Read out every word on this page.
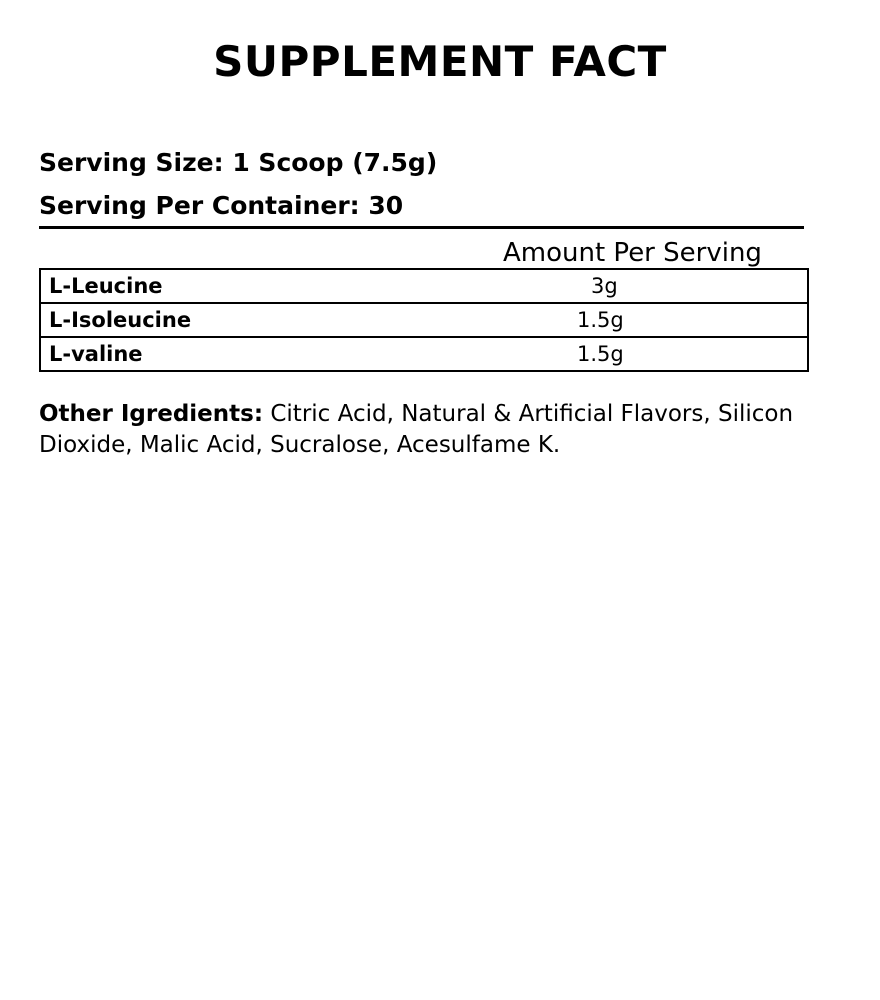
SUPPLEMENT FACT
Serving Size: 1 Scoop (7.5g)
Serving Per Container: 30
Amount Per Serving
L-Leucine	3g
L-Isoleucine	1.5g
L-valine	1.5g
Other Igredients: Citric Acid, Natural & Artificial Flavors, Silicon Dioxide, Malic Acid, Sucralose, Acesulfame K.
